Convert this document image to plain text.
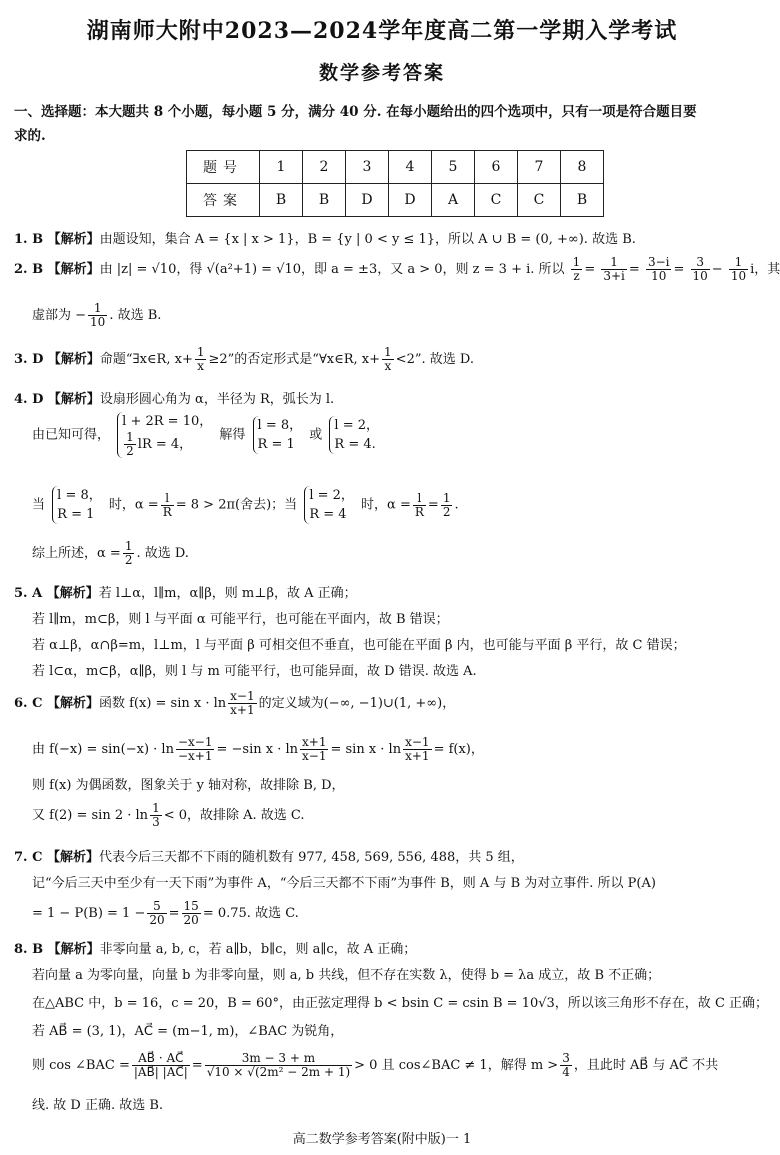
湖南师大附中2023—2024学年度高二第一学期入学考试
数学参考答案
一、选择题：本大题共 8 个小题，每小题 5 分，满分 40 分. 在每小题给出的四个选项中，只有一项是符合题目要
求的.
题号	1	2	3	4	5	6	7	8
答案	B	B	D	D	A	C	C	B
1. B 【解析】由题设知，集合 A = {x | x > 1}，B = {y | 0 < y ≤ 1}，所以 A ∪ B = (0, +∞). 故选 B.
2. B 【解析】由 |z| = √10，得 √(a²+1) = √10，即 a = ±3，又 a > 0，则 z = 3 + i. 所以 $\frac{1}{z} = \frac{1}{3+i} = \frac{3-i}{10} = \frac{3}{10} - \frac{1}{10}$ i，其
虚部为 − $\frac{1}{10}$ . 故选 B.
3. D 【解析】命题“∃x∈R, $x+ \frac{1}{x} \ge 2$”的否定形式是“∀x∈R, $x+ \frac{1}{x} <2$”. 故选 D.
4. D 【解析】设扇形圆心角为 α，半径为 R，弧长为 l.
由已知可得， l + 2R = 10，

$\frac{1}{2}$ lR = 4， 解得 l = 8，
R = 1 或 l = 2，
R = 4.
当 l = 8，
R = 1 时，$\alpha = \frac{l}{R} = 8 > 2\pi$(舍去)；当 l = 2，
R = 4 时，$\alpha = \frac{l}{R} = \frac{1}{2}$ .
综上所述，$\alpha = \frac{1}{2}$ . 故选 D.
5. A 【解析】若 l⊥α，l∥m，α∥β，则 m⊥β，故 A 正确；
若 l∥m，m⊂β，则 l 与平面 α 可能平行，也可能在平面内，故 B 错误；
若 α⊥β，α∩β=m，l⊥m，l 与平面 β 可相交但不垂直，也可能在平面 β 内，也可能与平面 β 平行，故 C 错误；
若 l⊂α，m⊂β，α∥β，则 l 与 m 可能平行，也可能异面，故 D 错误. 故选 A.
6. C 【解析】函数 $f(x) = \sin x \cdot \ln \frac{x-1}{x+1}$ 的定义域为(−∞, −1)∪(1, +∞)，
由 $f(-x) = \sin(-x) \cdot \ln \frac{-x-1}{-x+1} = -\sin$ $x \cdot \ln \frac{x+1}{x-1} = \sin x \cdot \ln \frac{x-1}{x+1} = f(x)$，
则 f(x) 为偶函数，图象关于 y 轴对称，故排除 B, D，
又 $f(2) = \sin 2 \cdot \ln \frac{1}{3} < 0$，故排除 A. 故选 C.
7. C 【解析】代表今后三天都不下雨的随机数有 977, 458, 569, 556, 488，共 5 组，
记“今后三天中至少有一天下雨”为事件 A，“今后三天都不下雨”为事件 B，则 A 与 B 为对立事件. 所以 P(A)
= $1 - P(B) = 1 - \frac{5}{20} = \frac{15}{20} = 0.75$. 故选 C.
8. B 【解析】非零向量 a, b, c，若 a∥b，b∥c，则 a∥c，故 A 正确；
若向量 a 为零向量，向量 b 为非零向量，则 a, b 共线，但不存在实数 λ，使得 b = λa 成立，故 B 不正确；
在△ABC 中，b = 16，c = 20，B = 60°，由正弦定理得 b < bsin C = csin B = 10√3，所以该三角形不存在，故 C 正确；
若 AB⃗ = (3, 1)，AC⃗ = (m−1, m)，∠BAC 为锐角，
则 cos ∠BAC = $\frac{AB⃗ \cdot AC⃗}{|AB⃗| |AC⃗|} = \frac{3m - 3 + m}{\text{√10 × √(2m² − 2m + 1)}} > 0$ 且 cos∠BAC ≠ 1，解得 $m > \frac{3}{4}$ ，且此时 AB⃗ 与 AC⃗ 不共
线. 故 D 正确. 故选 B.
高二数学参考答案(附中版)一 1
